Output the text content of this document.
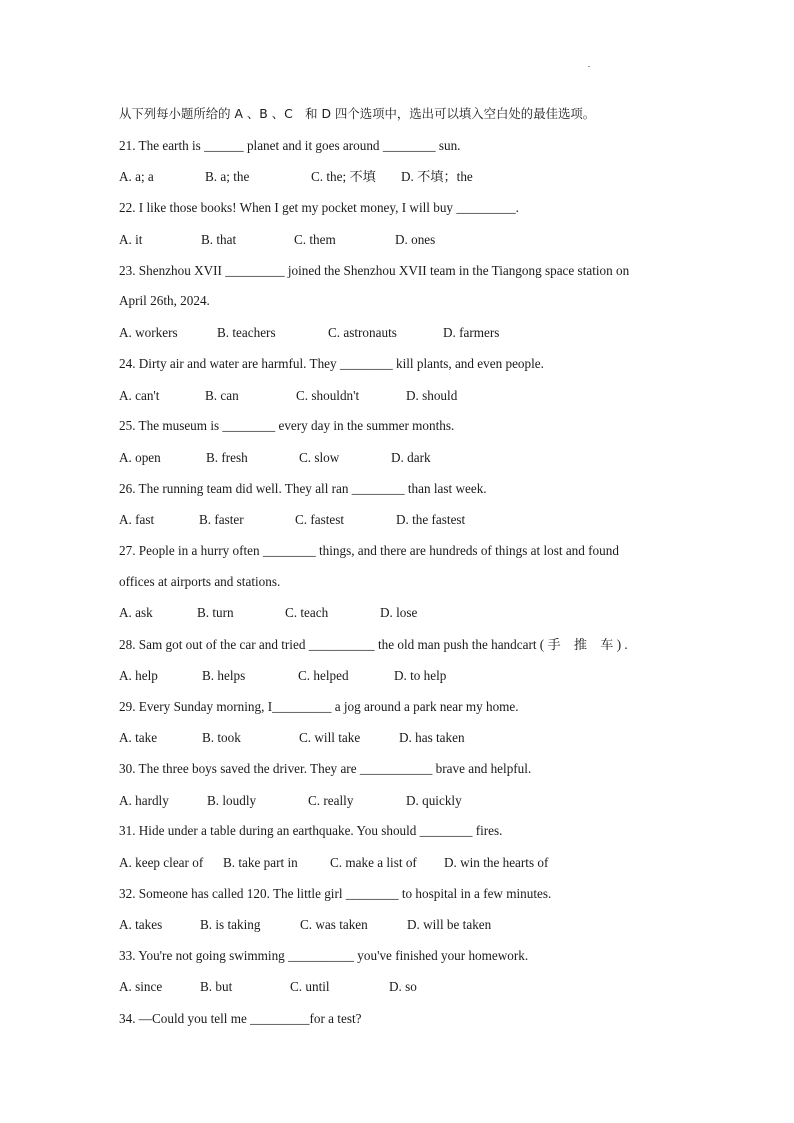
从下列每小题所给的 A 、B 、C　和 D 四个选项中，选出可以填入空白处的最佳选项。
21. The earth is ______ planet and it goes around ________ sun.
A. a; a	B. a; the	C. the; 不填 D. 不填；the
22. I like those books! When I get my pocket money, I will buy _________.
A. it	B. that	C. them	D. ones
23. Shenzhou XVII _________ joined the Shenzhou XVII team in the Tiangong space station on
April 26th, 2024.
A. workers	B. teachers	C. astronauts	D. farmers
24. Dirty air and water are harmful. They ________ kill plants, and even people.
A. can't	B. can	C. shouldn't	D. should
25. The museum is ________ every day in the summer months.
A. open	B. fresh	C. slow	D. dark
26. The running team did well. They all ran ________ than last week.
A. fast	B. faster	C. fastest	D. the fastest
27. People in a hurry often ________ things, and there are hundreds of things at lost and found
offices at airports and stations.
A. ask	B. turn	C. teach	D. lose
28. Sam got out of the car and tried __________ the old man push the handcart ( 手　推　车 ) .
A. help	B. helps	C. helped	D. to help
29. Every Sunday morning, I_________ a jog around a park near my home.
A. take	B. took	C. will take	D. has taken
30. The three boys saved the driver. They are ___________ brave and helpful.
A. hardly	B. loudly	C. really	D. quickly
31. Hide under a table during an earthquake. You should ________ fires.
A. keep clear of B. take part in C. make a list of D. win the hearts of
32. Someone has called 120. The little girl ________ to hospital in a few minutes.
A. takes	B. is taking	C. was taken	D. will be taken
33. You're not going swimming __________ you've finished your homework.
A. since	B. but	C. until	D. so
34. —Could you tell me _________for a test?
